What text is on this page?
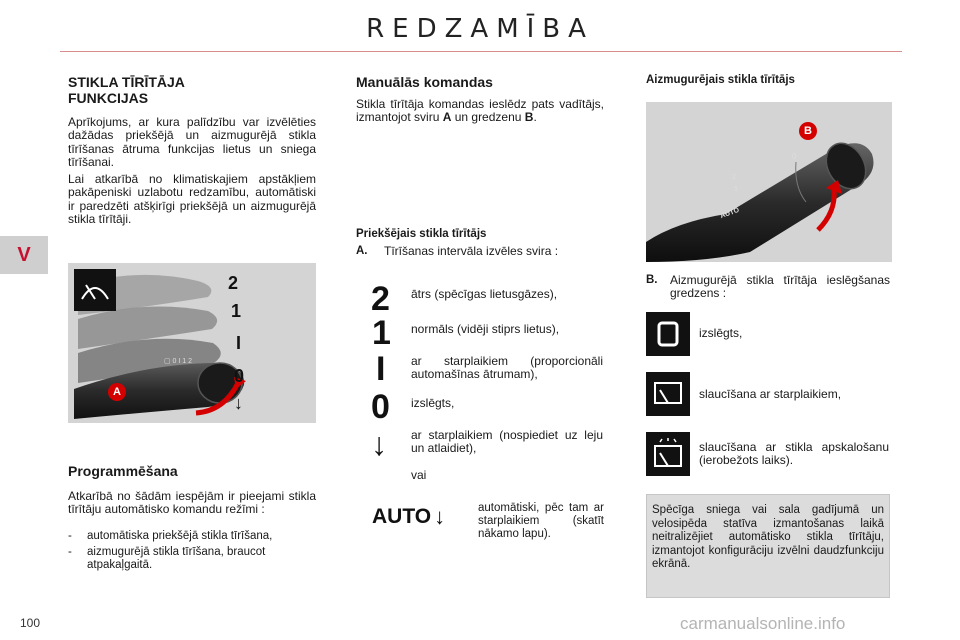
REDZAMĪBA
V
100	carmanualsonline.info
STIKLA TĪRĪTĀJA
FUNKCIJAS

Aprīkojums, ar kura palīdzību var izvēlēties dažādas priekšējā un aizmugurējā stikla tīrīšanas ātruma funkcijas lietus un sniega tīrīšanai.

Lai atkarībā no klimatiskajiem apstākļiem pakāpeniski uzlabotu redzamību, automātiski ir paredzēti atšķirīgi priekšējā un aizmugurējā stikla tīrītāji.

▢ 0 I 1 2
2
1
I
0
↓
A
Programmēšana
Atkarībā no šādām iespējām ir pieejami stikla tīrītāju automātisko komandu režīmi :
-	automātiska priekšējā stikla tīrīšana,
-	aizmugurējā stikla tīrīšana, braucot atpakaļgaitā.
Manuālās komandas
Stikla tīrītāja komandas ieslēdz pats vadītājs, izmantojot sviru A un gredzenu B.
Priekšējais stikla tīrītājs
A. Tīrīšanas intervāla izvēles svira :
2 ātrs (spēcīgas lietusgāzes),
1 normāls (vidēji stiprs lietus),
I ar starplaikiem (proporcionāli automašīnas ātrumam),
0 izslēgts,
↓ ar starplaikiem (nospiediet uz leju un atlaidiet),
vai
AUTO ↓	automātiski, pēc tam ar starplaikiem (skatīt nākamo lapu).
Aizmugurējais stikla tīrītājs
B
AUTO
2
1
0
B. Aizmugurējā stikla tīrītāja ieslēgšanas gredzens :
izslēgts,
slaucīšana ar starplaikiem,
slaucīšana ar stikla apskalošanu (ierobežots laiks).
Spēcīga sniega vai sala gadījumā un velosipēda statīva izmantošanas laikā neitralizējiet automātisko stikla tīrītāju, izmantojot konfigurāciju izvēlni daudzfunkciju ekrānā.
